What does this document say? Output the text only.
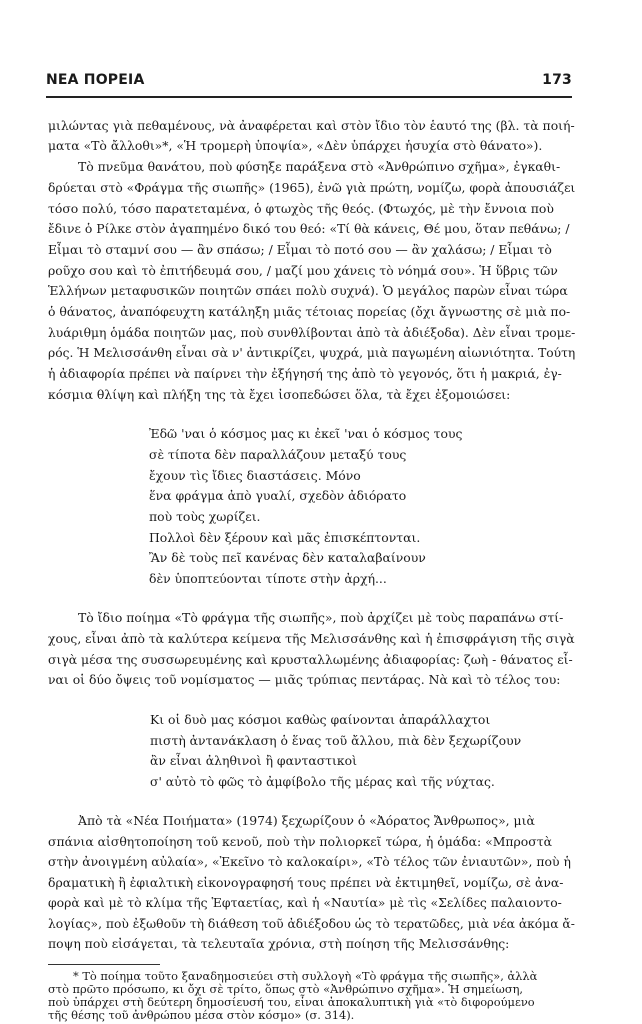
ΝΕΑ ΠΟΡΕΙΑ	173
μιλώντας γιὰ πεθαμένους, νὰ ἀναφέρεται καὶ στὸν ἴδιο τὸν ἑαυτό της (βλ. τὰ ποιή-
ματα «Τὸ ἄλλοθι»*, «Ἡ τρομερὴ ὑποψία», «Δὲν ὑπάρχει ἡσυχία στὸ θάνατο»).
Τὸ πνεῦμα θανάτου, ποὺ φύσηξε παράξενα στὸ «Ἀνθρώπινο σχῆμα», ἐγκαθι-
δρύεται στὸ «Φράγμα τῆς σιωπῆς» (1965), ἐνῶ γιὰ πρώτη, νομίζω, φορὰ ἀπουσιάζει
τόσο πολύ, τόσο παρατεταμένα, ὁ φτωχὸς τῆς θεός. (Φτωχός, μὲ τὴν ἔννοια ποὺ
ἔδινε ὁ Ρίλκε στὸν ἀγαπημένο δικό του θεό: «Τί θὰ κάνεις, Θέ μου, ὅταν πεθάνω; /
Εἶμαι τὸ σταμνί σου — ἂν σπάσω; / Εἶμαι τὸ ποτό σου — ἂν χαλάσω; / Εἶμαι τὸ
ροῦχο σου καὶ τὸ ἐπιτήδευμά σου, / μαζί μου χάνεις τὸ νόημά σου». Ἡ ὕβρις τῶν
Ἑλλήνων μεταφυσικῶν ποιητῶν σπάει πολὺ συχνά). Ὁ μεγάλος παρὼν εἶναι τώρα
ὁ θάνατος, ἀναπόφευχτη κατάληξη μιᾶς τέτοιας πορείας (ὄχι ἄγνωστης σὲ μιὰ πο-
λυάριθμη ὁμάδα ποιητῶν μας, ποὺ συνθλίβονται ἀπὸ τὰ ἀδιέξοδα). Δὲν εἶναι τρομε-
ρός. Ἡ Μελισσάνθη εἶναι σὰ ν' ἀντικρίζει, ψυχρά, μιὰ παγωμένη αἰωνιότητα. Τούτη
ἡ ἀδιαφορία πρέπει νὰ παίρνει τὴν ἐξήγησή της ἀπὸ τὸ γεγονός, ὅτι ἡ μακριά, ἐγ-
κόσμια θλίψη καὶ πλήξη της τὰ ἔχει ἰσοπεδώσει ὅλα, τὰ ἔχει ἐξομοιώσει:
Ἐδῶ 'ναι ὁ κόσμος μας κι ἐκεῖ 'ναι ὁ κόσμος τους
σὲ τίποτα δὲν παραλλάζουν μεταξύ τους
ἔχουν τὶς ἴδιες διαστάσεις. Μόνο
ἕνα φράγμα ἀπὸ γυαλί, σχεδὸν ἀδιόρατο
ποὺ τοὺς χωρίζει.
Πολλοὶ δὲν ξέρουν καὶ μᾶς ἐπισκέπτονται.
Ἂν δὲ τοὺς πεῖ κανένας δὲν καταλαβαίνουν
δὲν ὑποπτεύονται τίποτε στὴν ἀρχή...
Τὸ ἴδιο ποίημα «Τὸ φράγμα τῆς σιωπῆς», ποὺ ἀρχίζει μὲ τοὺς παραπάνω στί-
χους, εἶναι ἀπὸ τὰ καλύτερα κείμενα τῆς Μελισσάνθης καὶ ἡ ἐπισφράγιση τῆς σιγὰ
σιγὰ μέσα της συσσωρευμένης καὶ κρυσταλλωμένης ἀδιαφορίας: ζωὴ - θάνατος εἶ-
ναι οἱ δύο ὄψεις τοῦ νομίσματος — μιᾶς τρύπιας πεντάρας. Νὰ καὶ τὸ τέλος του:
Κι οἱ δυὸ μας κόσμοι καθὼς φαίνονται ἀπαράλλαχτοι
πιστὴ ἀντανάκλαση ὁ ἕνας τοῦ ἄλλου, πιὰ δὲν ξεχωρίζουν
ἂν εἶναι ἀληθινοὶ ἢ φανταστικοὶ
σ' αὐτὸ τὸ φῶς τὸ ἀμφίβολο τῆς μέρας καὶ τῆς νύχτας.
Ἀπὸ τὰ «Νέα Ποιήματα» (1974) ξεχωρίζουν ὁ «Ἀόρατος Ἄνθρωπος», μιὰ
σπάνια αἰσθητοποίηση τοῦ κενοῦ, ποὺ τὴν πολιορκεῖ τώρα, ἡ ὁμάδα: «Μπροστὰ
στὴν ἀνοιγμένη αὐλαία», «Ἐκεῖνο τὸ καλοκαίρι», «Τὸ τέλος τῶν ἐνιαυτῶν», ποὺ ἡ
δραματικὴ ἢ ἐφιαλτικὴ εἰκονογραφησή τους πρέπει νὰ ἐκτιμηθεῖ, νομίζω, σὲ ἀνα-
φορὰ καὶ μὲ τὸ κλίμα τῆς Ἑφταετίας, καὶ ἡ «Ναυτία» μὲ τὶς «Σελίδες παλαιοντο-
λογίας», ποὺ ἐξωθοῦν τὴ διάθεση τοῦ ἀδιέξοδου ὡς τὸ τερατῶδες, μιὰ νέα ἀκόμα ἄ-
ποψη ποὺ εἰσάγεται, τὰ τελευταῖα χρόνια, στὴ ποίηση τῆς Μελισσάνθης:
* Τὸ ποίημα τοῦτο ξαναδημοσιεύει στὴ συλλογὴ «Τὸ φράγμα τῆς σιωπῆς», ἀλλὰ
στὸ πρῶτο πρόσωπο, κι ὄχι σὲ τρίτο, ὅπως στὸ «Ἀνθρώπινο σχῆμα». Ἡ σημείωση,
ποὺ ὑπάρχει στὴ δεύτερη δημοσίευσή του, εἶναι ἀποκαλυπτικὴ γιὰ «τὸ διφορούμενο
τῆς θέσης τοῦ ἀνθρώπου μέσα στὸν κόσμο» (σ. 314).
